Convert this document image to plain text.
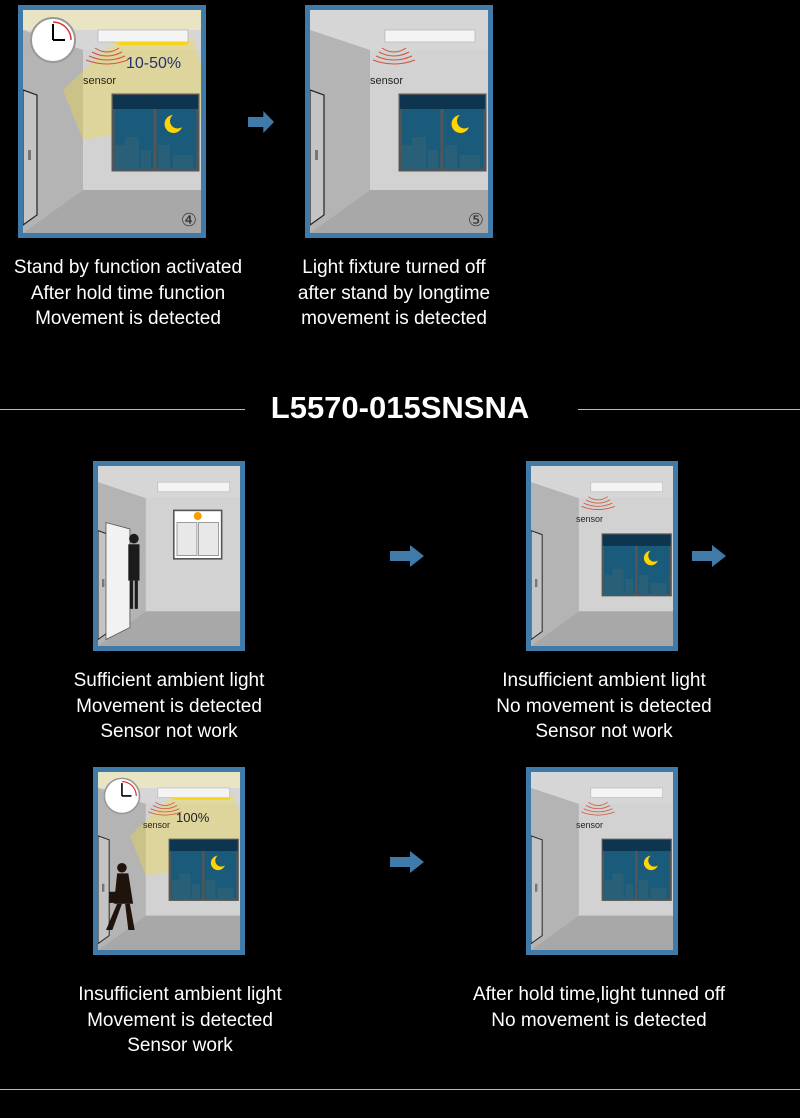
sensor
10-50%
④
sensor
⑤
Stand by function activated
After hold time function
Movement is detected
Light fixture turned off
after stand by longtime
movement is detected
L5570-015SNSNA
sensor
Sufficient ambient light
Movement is detected
Sensor not work
Insufficient ambient light
No movement is detected
Sensor not work
sensor 100%	sensor
Insufficient ambient light
Movement is detected
Sensor work
After hold time,light tunned off
No movement is detected
